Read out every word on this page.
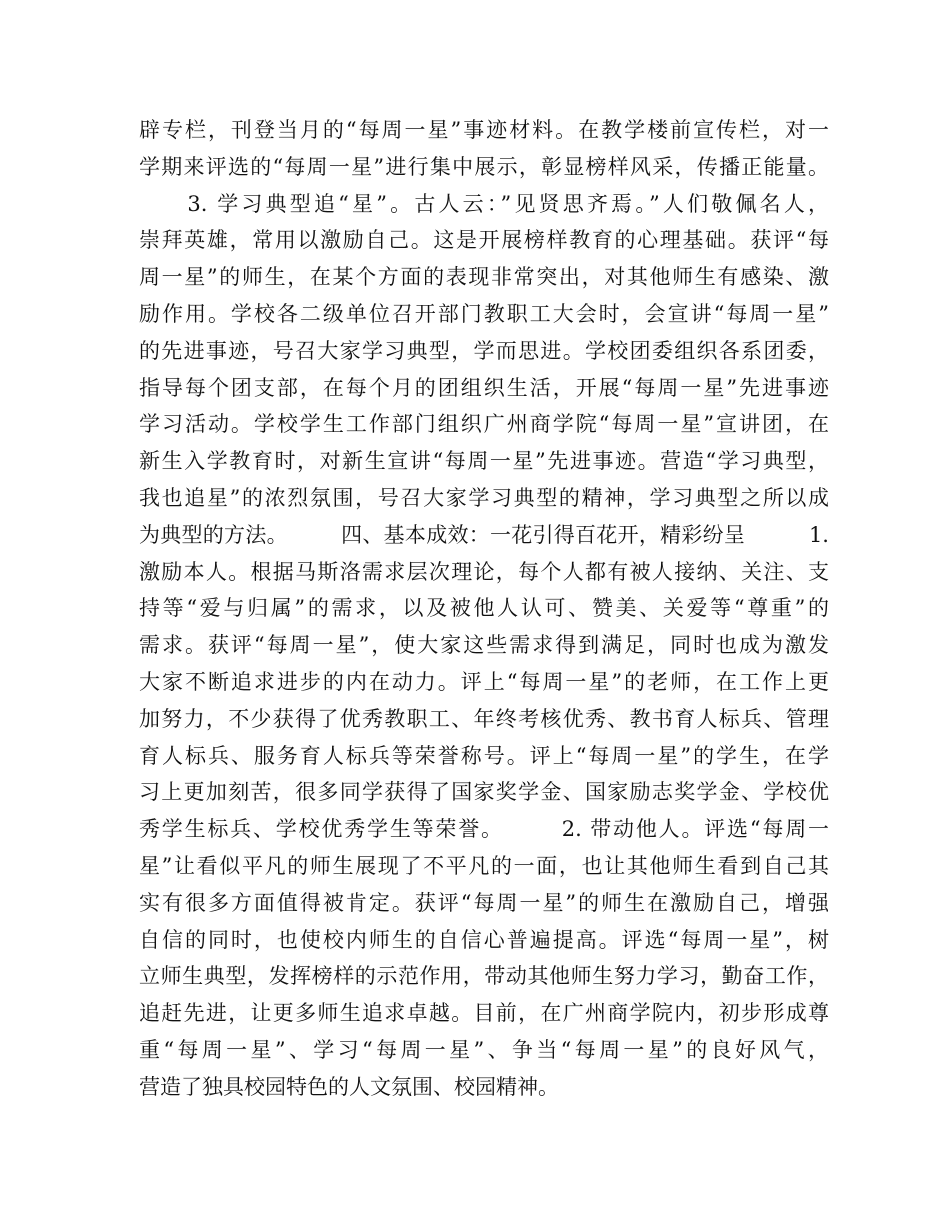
辟专栏，刊登当月的“每周一星”事迹材料。在教学楼前宣传栏，对一
学期来评选的“每周一星”进行集中展示，彰显榜样风采，传播正能量。
　　3. 学习典型追“星”。古人云：”见贤思齐焉。”人们敬佩名人，
崇拜英雄，常用以激励自己。这是开展榜样教育的心理基础。获评“每
周一星”的师生，在某个方面的表现非常突出，对其他师生有感染、激
励作用。学校各二级单位召开部门教职工大会时，会宣讲“每周一星”
的先进事迹，号召大家学习典型，学而思进。学校团委组织各系团委，
指导每个团支部，在每个月的团组织生活，开展“每周一星”先进事迹
学习活动。学校学生工作部门组织广州商学院“每周一星”宣讲团，在
新生入学教育时，对新生宣讲“每周一星”先进事迹。营造“学习典型，
我也追星”的浓烈氛围，号召大家学习典型的精神，学习典型之所以成
为典型的方法。　　　四、基本成效：一花引得百花开，精彩纷呈　　　1.
激励本人。根据马斯洛需求层次理论，每个人都有被人接纳、关注、支
持等“爱与归属”的需求，以及被他人认可、赞美、关爱等“尊重”的
需求。获评“每周一星”，使大家这些需求得到满足，同时也成为激发
大家不断追求进步的内在动力。评上“每周一星”的老师，在工作上更
加努力，不少获得了优秀教职工、年终考核优秀、教书育人标兵、管理
育人标兵、服务育人标兵等荣誉称号。评上“每周一星”的学生，在学
习上更加刻苦，很多同学获得了国家奖学金、国家励志奖学金、学校优
秀学生标兵、学校优秀学生等荣誉。　　　2. 带动他人。评选“每周一
星”让看似平凡的师生展现了不平凡的一面，也让其他师生看到自己其
实有很多方面值得被肯定。获评“每周一星”的师生在激励自己，增强
自信的同时，也使校内师生的自信心普遍提高。评选“每周一星”，树
立师生典型，发挥榜样的示范作用，带动其他师生努力学习，勤奋工作，
追赶先进，让更多师生追求卓越。目前，在广州商学院内，初步形成尊
重“每周一星”、学习“每周一星”、争当“每周一星”的良好风气，
营造了独具校园特色的人文氛围、校园精神。
